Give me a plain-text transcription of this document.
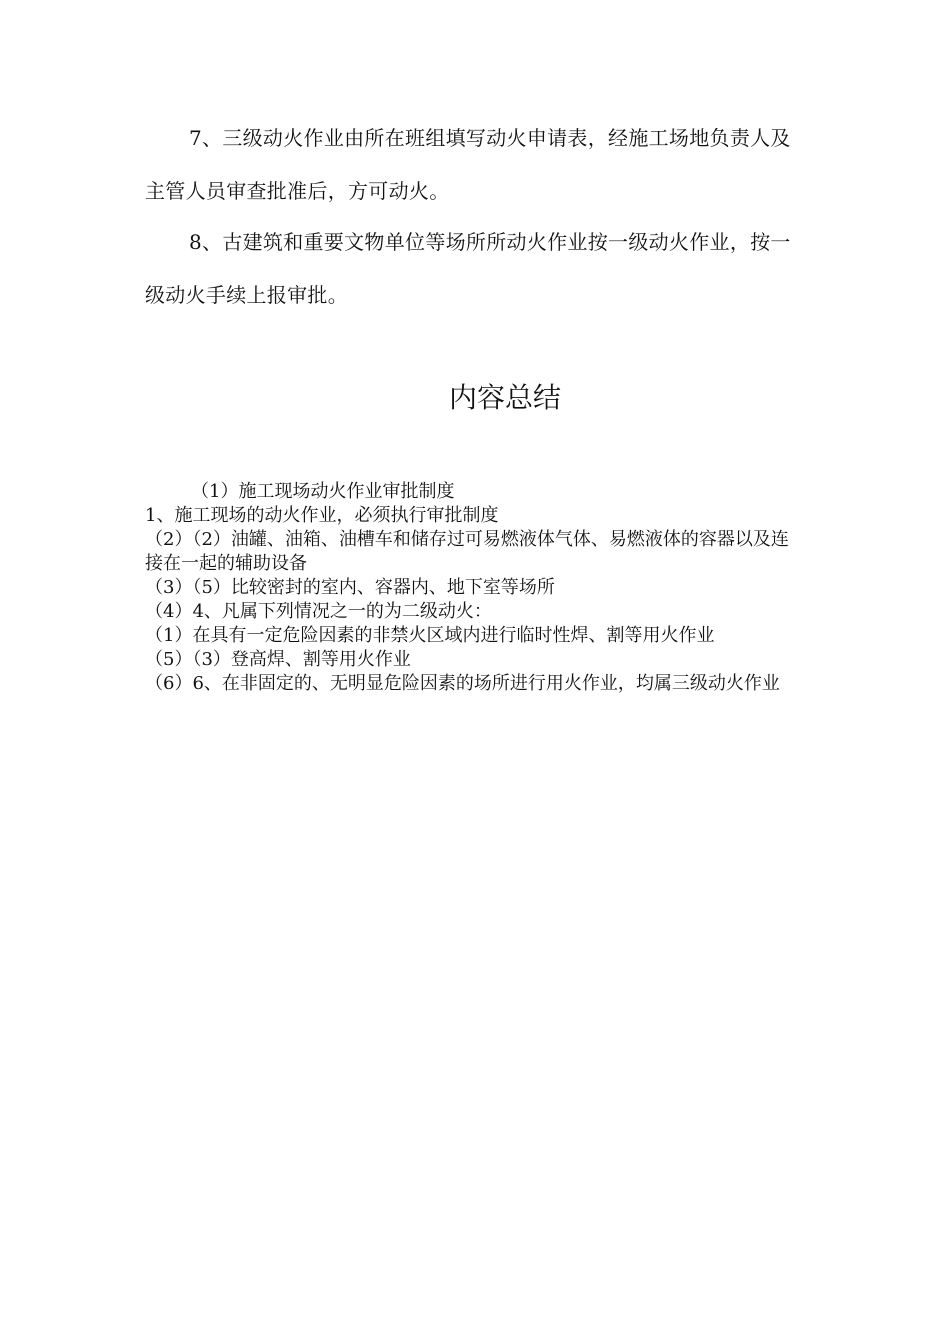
7、三级动火作业由所在班组填写动火申请表，经施工场地负责人及主管人员审查批准后，方可动火。

8、古建筑和重要文物单位等场所所动火作业按一级动火作业，按一级动火手续上报审批。

内容总结
（1）施工现场动火作业审批制度
1、施工现场的动火作业，必须执行审批制度
（2）（2）油罐、油箱、油槽车和储存过可易燃液体气体、易燃液体的容器以及连接在一起的辅助设备
（3）（5）比较密封的室内、容器内、地下室等场所
（4）4、凡属下列情况之一的为二级动火：
（1）在具有一定危险因素的非禁火区域内进行临时性焊、割等用火作业
（5）（3）登高焊、割等用火作业
（6）6、在非固定的、无明显危险因素的场所进行用火作业，均属三级动火作业
